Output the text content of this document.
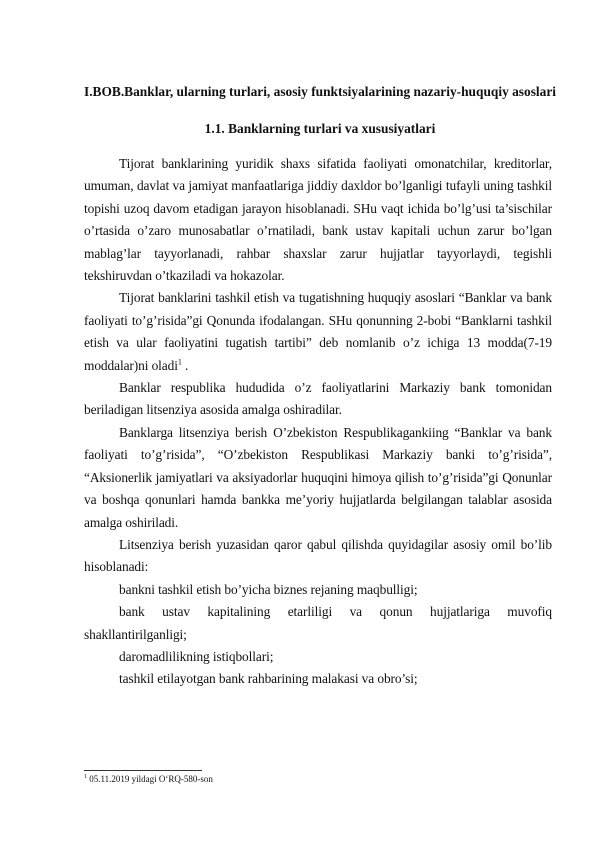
I.BOB.Banklar, ularning turlari, asosiy funktsiyalarining nazariy-huquqiy asoslari
1.1. Banklarning turlari va xususiyatlari

Tijorat banklarining yuridik shaxs sifatida faoliyati omonatchilar, kreditorlar, umuman, davlat va jamiyat manfaatlariga jiddiy daxldor bo’lganligi tufayli uning tashkil topishi uzoq davom etadigan jarayon hisoblanadi. SHu vaqt ichida bo’lg’usi ta’sischilar o’rtasida o’zaro munosabatlar o’rnatiladi, bank ustav kapitali uchun zarur bo’lgan mablag’lar tayyorlanadi, rahbar shaxslar zarur hujjatlar tayyorlaydi, tegishli tekshiruvdan o’tkaziladi va hokazolar.

Tijorat banklarini tashkil etish va tugatishning huquqiy asoslari “Banklar va bank faoliyati to’g’risida”gi Qonunda ifodalangan. SHu qonunning 2-bobi “Banklarni tashkil etish va ular faoliyatini tugatish tartibi” deb nomlanib o’z ichiga 13 modda(7-19 moddalar)ni oladi$^1$ .

Banklar respublika hududida o’z faoliyatlarini Markaziy bank tomonidan beriladigan litsenziya asosida amalga oshiradilar.

Banklarga litsenziya berish O’zbekiston Respublikagankiing “Banklar va bank faoliyati to’g’risida”, “O’zbekiston Respublikasi Markaziy banki to’g’risida”, “Aksionerlik jamiyatlari va aksiyadorlar huquqini himoya qilish to’g’risida”gi Qonunlar va boshqa qonunlari hamda bankka me’yoriy hujjatlarda belgilangan talablar asosida amalga oshiriladi.

Litsenziya berish yuzasidan qaror qabul qilishda quyidagilar asosiy omil bo’lib hisoblanadi:

bankni tashkil etish bo’yicha biznes rejaning maqbulligi;

bank ustav kapitalining etarliligi va qonun hujjatlariga muvofiq shakllantirilganligi;

daromadlilikning istiqbollari;

tashkil etilayotgan bank rahbarining malakasi va obro’si;

$^1$ 05.11.2019 yildagi O‘RQ-580-son
